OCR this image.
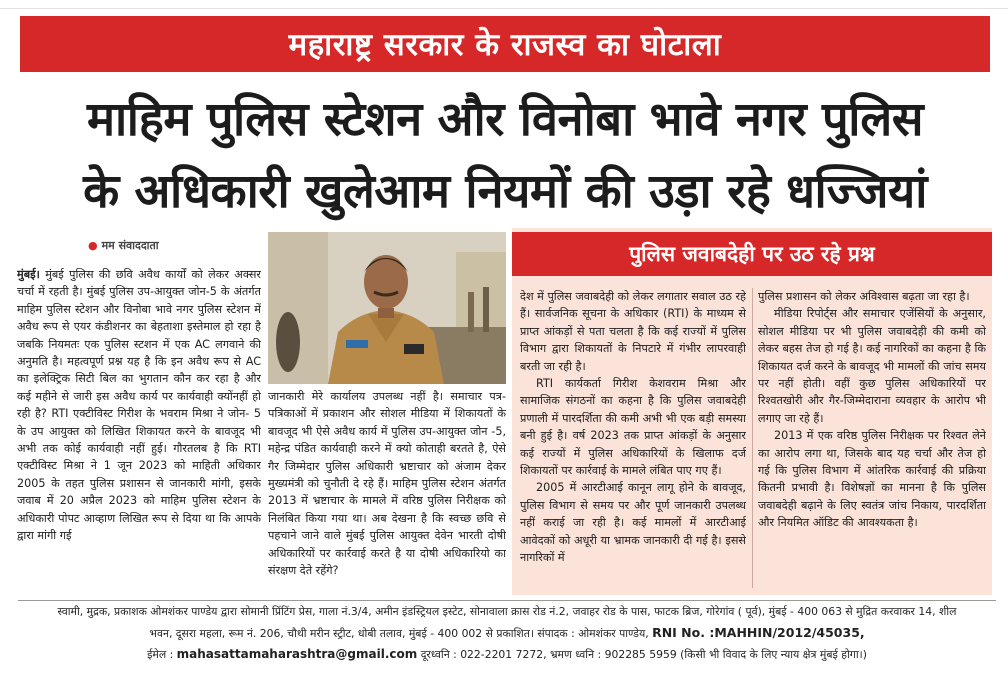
महाराष्ट्र सरकार के राजस्व का घोटाला
माहिम पुलिस स्टेशन और विनोबा भावे नगर पुलिस
के अधिकारी खुलेआम नियमों की उड़ा रहे धज्जियां
● मम संवाददाता

मुंबई। मुंबई पुलिस की छवि अवैध कार्यों को लेकर अक्सर चर्चा में रहती है। मुंबई पुलिस उप-आयुक्त जोन-5 के अंतर्गत माहिम पुलिस स्टेशन और विनोबा भावे नगर पुलिस स्टेशन में अवैध रूप से एयर कंडीशनर का बेहताशा इस्तेमाल हो रहा है जबकि नियमतः एक पुलिस स्टशन में एक AC लगवाने की अनुमति है। महत्वपूर्ण प्रश्न यह है कि इन अवैध रूप से AC का इलेक्ट्रिक सिटी बिल का भुगतान कौन कर रहा है और कई महीने से जारी इस अवैध कार्य पर कार्यवाही क्योंनहीं हो रही है? RTI एक्टीविस्ट गिरीश के भवराम मिश्रा ने जोन- 5 के उप आयुक्त को लिखित शिकायत करने के बावजूद भी अभी तक कोई कार्यवाही नहीं हुई। गौरतलब है कि RTI एक्टीविस्ट मिश्रा ने 1 जून 2023 को माहिती अधिकार 2005 के तहत पुलिस प्रशासन से जानकारी मांगी, इसके जवाब में 20 अप्रैल 2023 को माहिम पुलिस स्टेशन के अधिकारी पोपट आव्हाण लिखित रूप से दिया था कि आपके द्वारा मांगी गई

जानकारी मेरे कार्यालय उपलब्ध नहीं है। समाचार पत्र-पत्रिकाओं में प्रकाशन और सोशल मीडिया में शिकायतों के बावजूद भी ऐसे अवैध कार्य में पुलिस उप-आयुक्त जोन -5, महेन्द्र पंडित कार्यवाही करने में क्यो कोताही बरतते है, ऐसे गैर जिम्मेदार पुलिस अधिकारी भ्रष्टाचार को अंजाम देकर मुख्यमंत्री को चुनौती दे रहे हैं। माहिम पुलिस स्टेशन अंतर्गत 2013 में भ्रष्टाचार के मामले में वरिष्ठ पुलिस निरीक्षक को निलंबित किया गया था। अब देखना है कि स्वच्छ छवि से पहचाने जाने वाले मुंबई पुलिस आयुक्त देवेन भारती दोषी अधिकारियों पर कार्रवाई करते है या दोषी अधिकारियो का संरक्षण देते रहेंगे?

पुलिस जवाबदेही पर उठ रहे प्रश्न

देश में पुलिस जवाबदेही को लेकर लगातार सवाल उठ रहे हैं। सार्वजनिक सूचना के अधिकार (RTI) के माध्यम से प्राप्त आंकड़ों से पता चलता है कि कई राज्यों में पुलिस विभाग द्वारा शिकायतों के निपटारे में गंभीर लापरवाही बरती जा रही है।

RTI कार्यकर्ता गिरीश केशवराम मिश्रा और सामाजिक संगठनों का कहना है कि पुलिस जवाबदेही प्रणाली में पारदर्शिता की कमी अभी भी एक बड़ी समस्या बनी हुई है। वर्ष 2023 तक प्राप्त आंकड़ों के अनुसार कई राज्यों में पुलिस अधिकारियों के खिलाफ दर्ज शिकायतों पर कार्रवाई के मामले लंबित पाए गए हैं।

2005 में आरटीआई कानून लागू होने के बावजूद, पुलिस विभाग से समय पर और पूर्ण जानकारी उपलब्ध नहीं कराई जा रही है। कई मामलों में आरटीआई आवेदकों को अधूरी या भ्रामक जानकारी दी गई है। इससे नागरिकों में

पुलिस प्रशासन को लेकर अविश्वास बढ़ता जा रहा है।

मीडिया रिपोर्ट्स और समाचार एजेंसियों के अनुसार, सोशल मीडिया पर भी पुलिस जवाबदेही की कमी को लेकर बहस तेज हो गई है। कई नागरिकों का कहना है कि शिकायत दर्ज करने के बावजूद भी मामलों की जांच समय पर नहीं होती। वहीं कुछ पुलिस अधिकारियों पर रिश्वतखोरी और गैर-जिम्मेदाराना व्यवहार के आरोप भी लगाए जा रहे हैं।

2013 में एक वरिष्ठ पुलिस निरीक्षक पर रिश्वत लेने का आरोप लगा था, जिसके बाद यह चर्चा और तेज हो गई कि पुलिस विभाग में आंतरिक कार्रवाई की प्रक्रिया कितनी प्रभावी है। विशेषज्ञों का मानना है कि पुलिस जवाबदेही बढ़ाने के लिए स्वतंत्र जांच निकाय, पारदर्शिता और नियमित ऑडिट की आवश्यकता है।

स्वामी, मुद्रक, प्रकाशक ओमशंकर पाण्डेय द्वारा सोमानी प्रिंटिंग प्रेस, गाला नं.3/4, अमीन इंडस्ट्रियल इस्टेट, सोनावाला क्रास रोड नं.2, जवाहर रोड के पास, फाटक ब्रिज, गोरेगांव ( पूर्व), मुंबई - 400 063 से मुद्रित करवाकर 14, शील
भवन, दूसरा महला, रूम नं. 206, चौथी मरीन स्ट्रीट, धोबी तलाव, मुंबई - 400 002 से प्रकाशित। संपादक : ओमशंकर पाण्डेय, RNI No. :MAHHIN/2012/45035,
ईमेल : mahasattamaharashtra@gmail.com दूरध्वनि : 022-2201 7272, भ्रमण ध्वनि : 902285 5959 (किसी भी विवाद के लिए न्याय क्षेत्र मुंबई होगा।)
